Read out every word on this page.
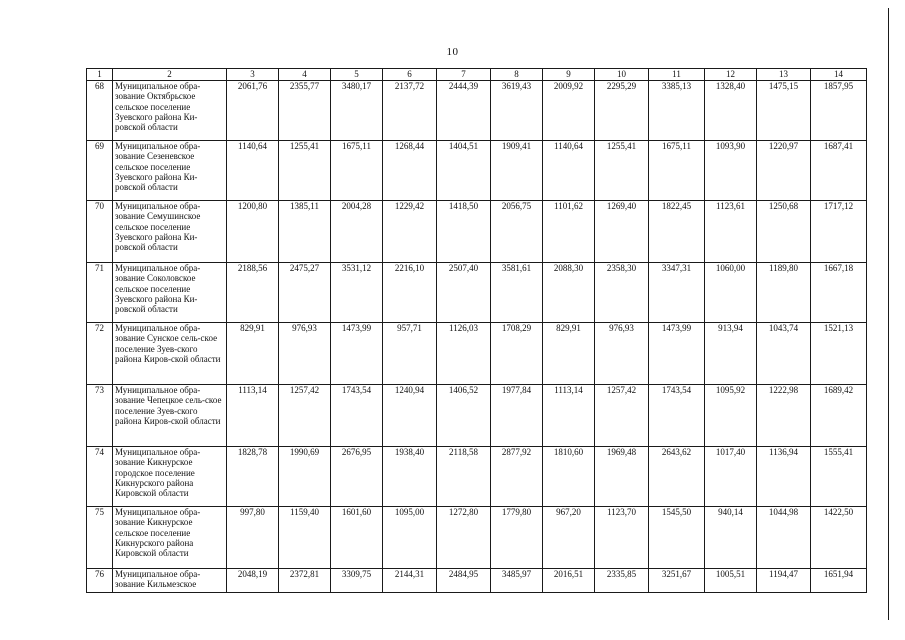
10
1	2	3	4	5	6	7	8	9	10	11	12	13	14
68	Муниципальное обра-зование Октябрьское сельское поселение Зуевского района Ки-ровской области	2061,76	2355,77	3480,17	2137,72	2444,39	3619,43	2009,92	2295,29	3385,13	1328,40	1475,15	1857,95
69	Муниципальное обра-зование Сезеневское сельское поселение Зуевского района Ки-ровской области	1140,64	1255,41	1675,11	1268,44	1404,51	1909,41	1140,64	1255,41	1675,11	1093,90	1220,97	1687,41
70	Муниципальное обра-зование Семушинское сельское поселение Зуевского района Ки-ровской области	1200,80	1385,11	2004,28	1229,42	1418,50	2056,75	1101,62	1269,40	1822,45	1123,61	1250,68	1717,12
71	Муниципальное обра-зование Соколовское сельское поселение Зуевского района Ки-ровской области	2188,56	2475,27	3531,12	2216,10	2507,40	3581,61	2088,30	2358,30	3347,31	1060,00	1189,80	1667,18
72	Муниципальное обра-зование Сунское сель-ское поселение Зуев-ского района Киров-ской области	829,91	976,93	1473,99	957,71	1126,03	1708,29	829,91	976,93	1473,99	913,94	1043,74	1521,13
73	Муниципальное обра-зование Чепецкое сель-ское поселение Зуев-ского района Киров-ской области	1113,14	1257,42	1743,54	1240,94	1406,52	1977,84	1113,14	1257,42	1743,54	1095,92	1222,98	1689,42
74	Муниципальное обра-зование Кикнурское городское поселение Кикнурского района Кировской области	1828,78	1990,69	2676,95	1938,40	2118,58	2877,92	1810,60	1969,48	2643,62	1017,40	1136,94	1555,41
75	Муниципальное обра-зование Кикнурское сельское поселение Кикнурского района Кировской области	997,80	1159,40	1601,60	1095,00	1272,80	1779,80	967,20	1123,70	1545,50	940,14	1044,98	1422,50
76	Муниципальное обра-зование Кильмезское	2048,19	2372,81	3309,75	2144,31	2484,95	3485,97	2016,51	2335,85	3251,67	1005,51	1194,47	1651,94
